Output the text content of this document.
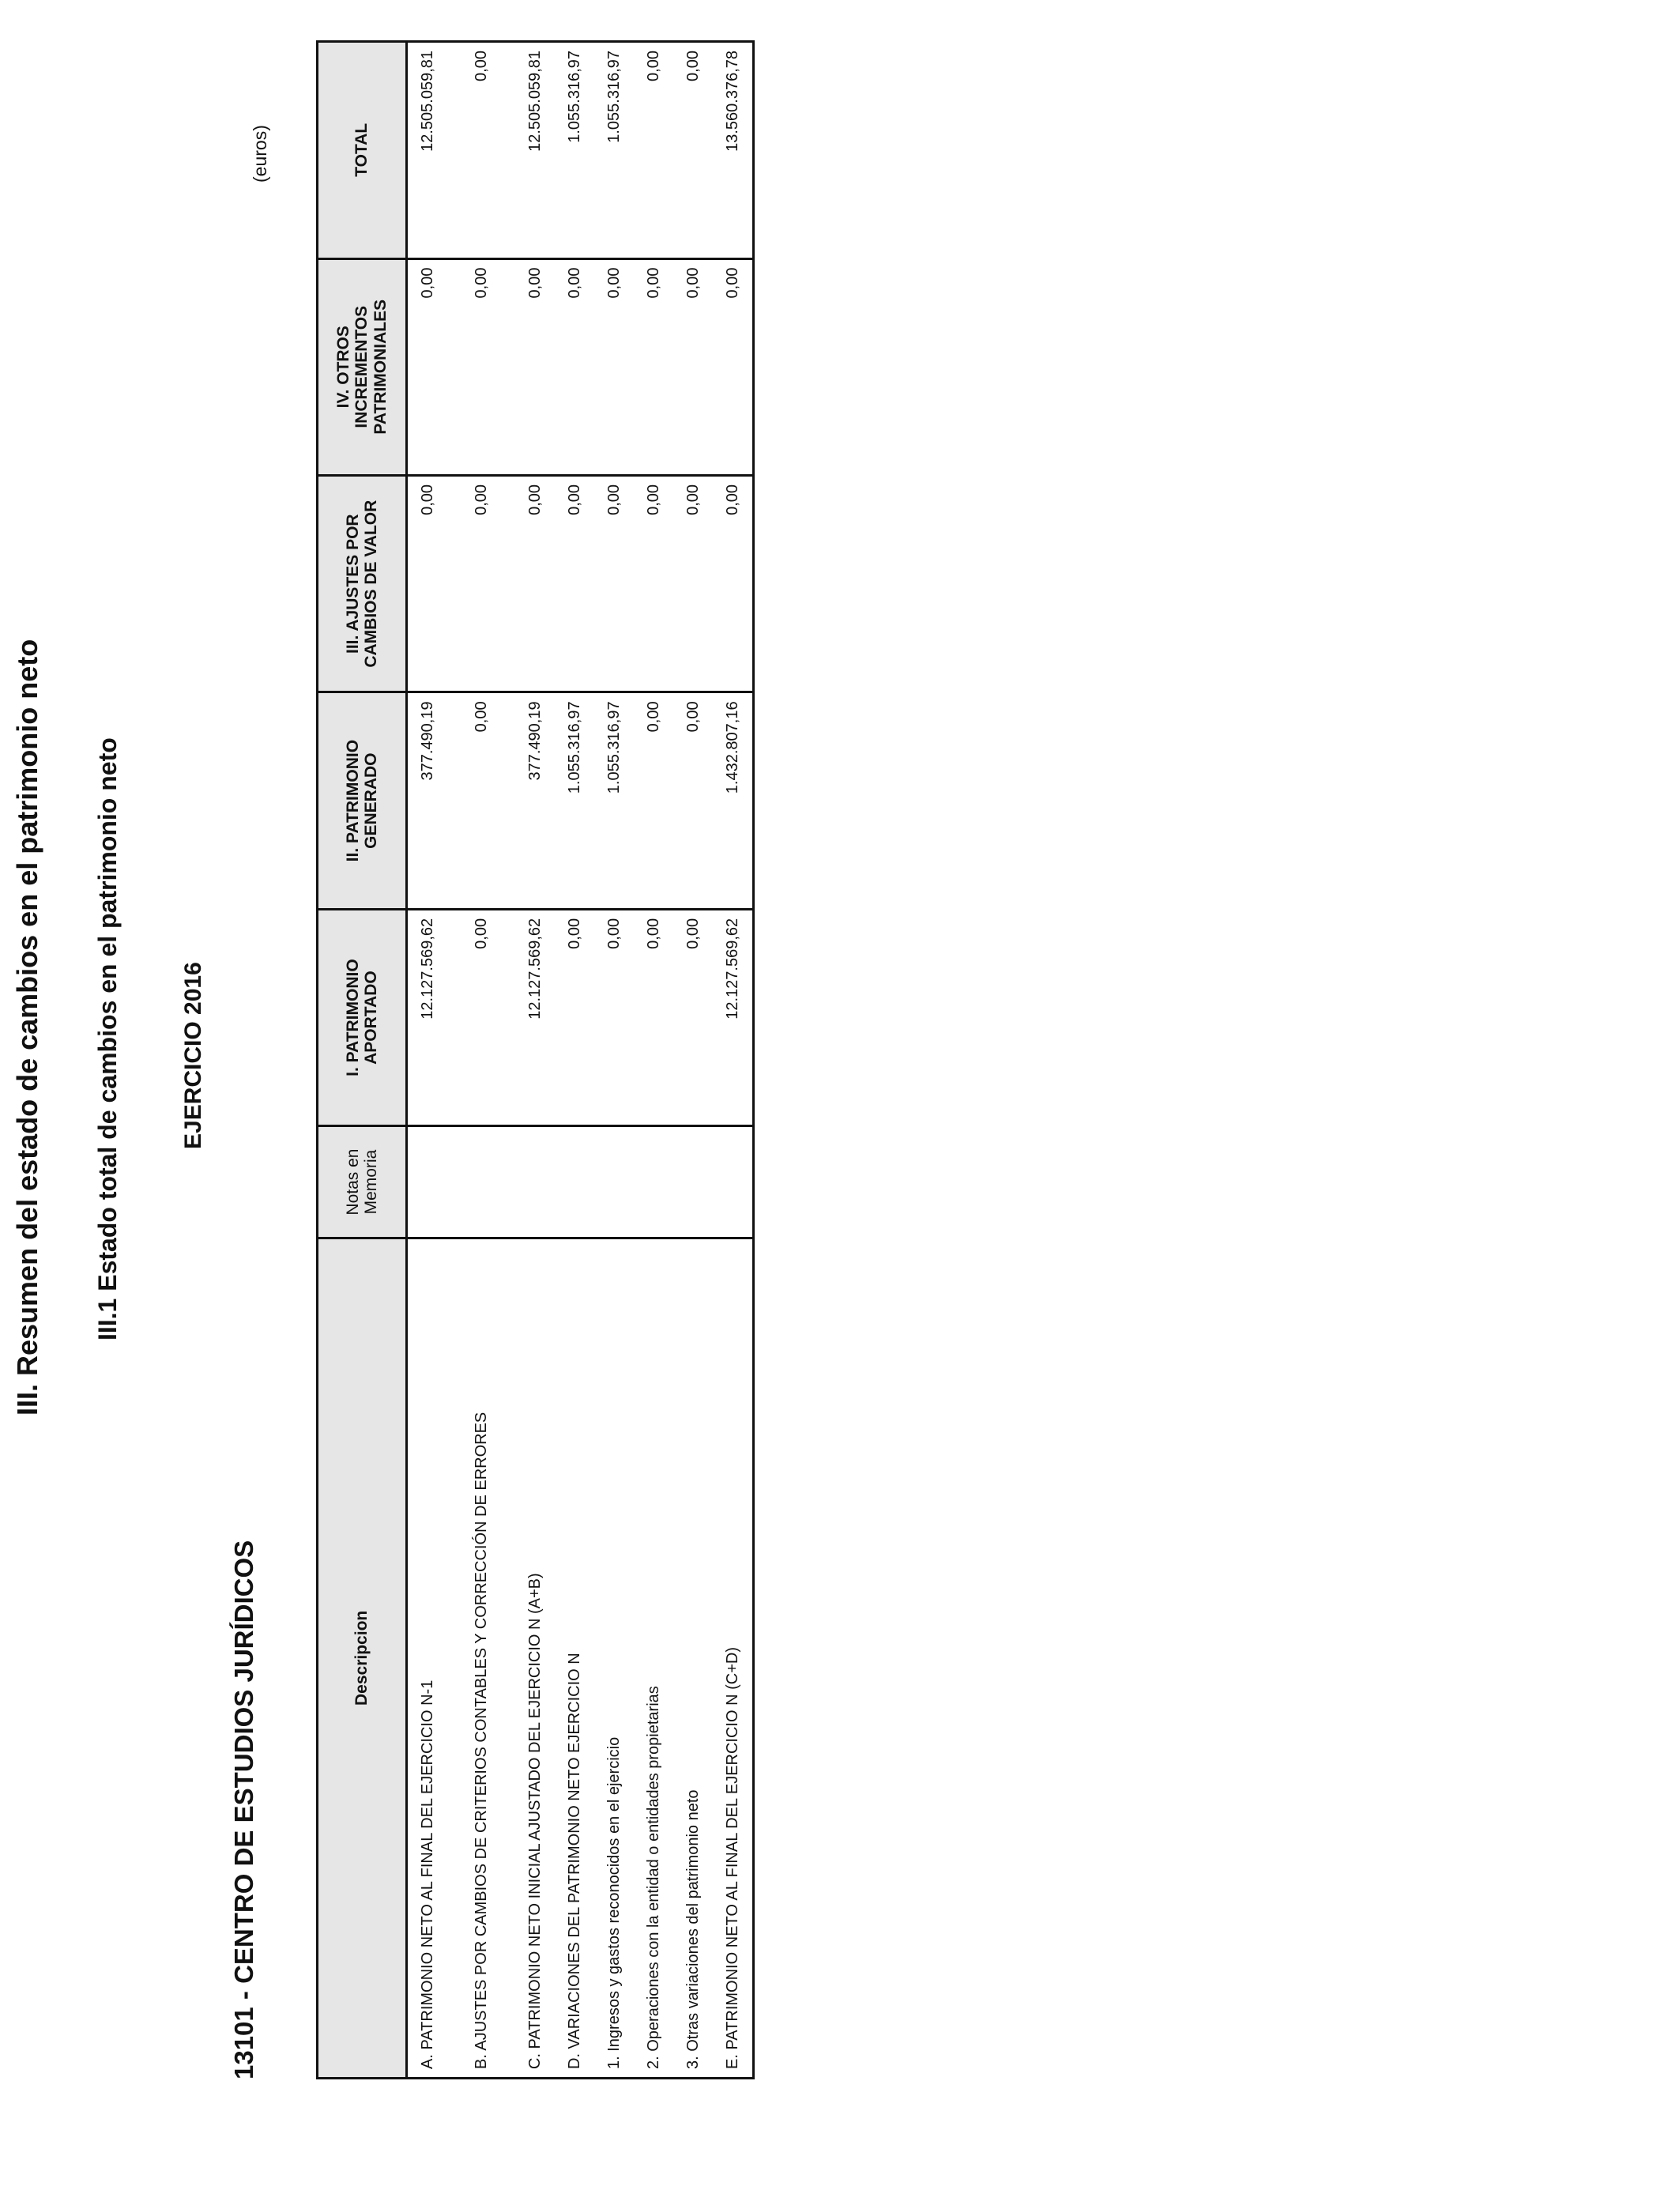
III. Resumen del estado de cambios en el patrimonio neto III.1 Estado total de cambios en el patrimonio neto EJERCICIO 2016
13101 - CENTRO DE ESTUDIOS JURÍDICOS
(euros)
Descripcion	Notas en Memoria	I. PATRIMONIO APORTADO	II. PATRIMONIO GENERADO	III. AJUSTES POR CAMBIOS DE VALOR	IV. OTROS INCREMENTOS PATRIMONIALES	TOTAL
A. PATRIMONIO NETO AL FINAL DEL EJERCICIO N-1		12.127.569,62	377.490,19	0,00	0,00	12.505.059,81
B. AJUSTES POR CAMBIOS DE CRITERIOS CONTABLES Y CORRECCIÓN DE ERRORES		0,00	0,00	0,00	0,00	0,00
C. PATRIMONIO NETO INICIAL AJUSTADO DEL EJERCICIO N (A+B)		12.127.569,62	377.490,19	0,00	0,00	12.505.059,81
D. VARIACIONES DEL PATRIMONIO NETO EJERCICIO N		0,00	1.055.316,97	0,00	0,00	1.055.316,97
1. Ingresos y gastos reconocidos en el ejercicio		0,00	1.055.316,97	0,00	0,00	1.055.316,97
2. Operaciones con la entidad o entidades propietarias		0,00	0,00	0,00	0,00	0,00
3. Otras variaciones del patrimonio neto		0,00	0,00	0,00	0,00	0,00
E. PATRIMONIO NETO AL FINAL DEL EJERCICIO N (C+D)		12.127.569,62	1.432.807,16	0,00	0,00	13.560.376,78
